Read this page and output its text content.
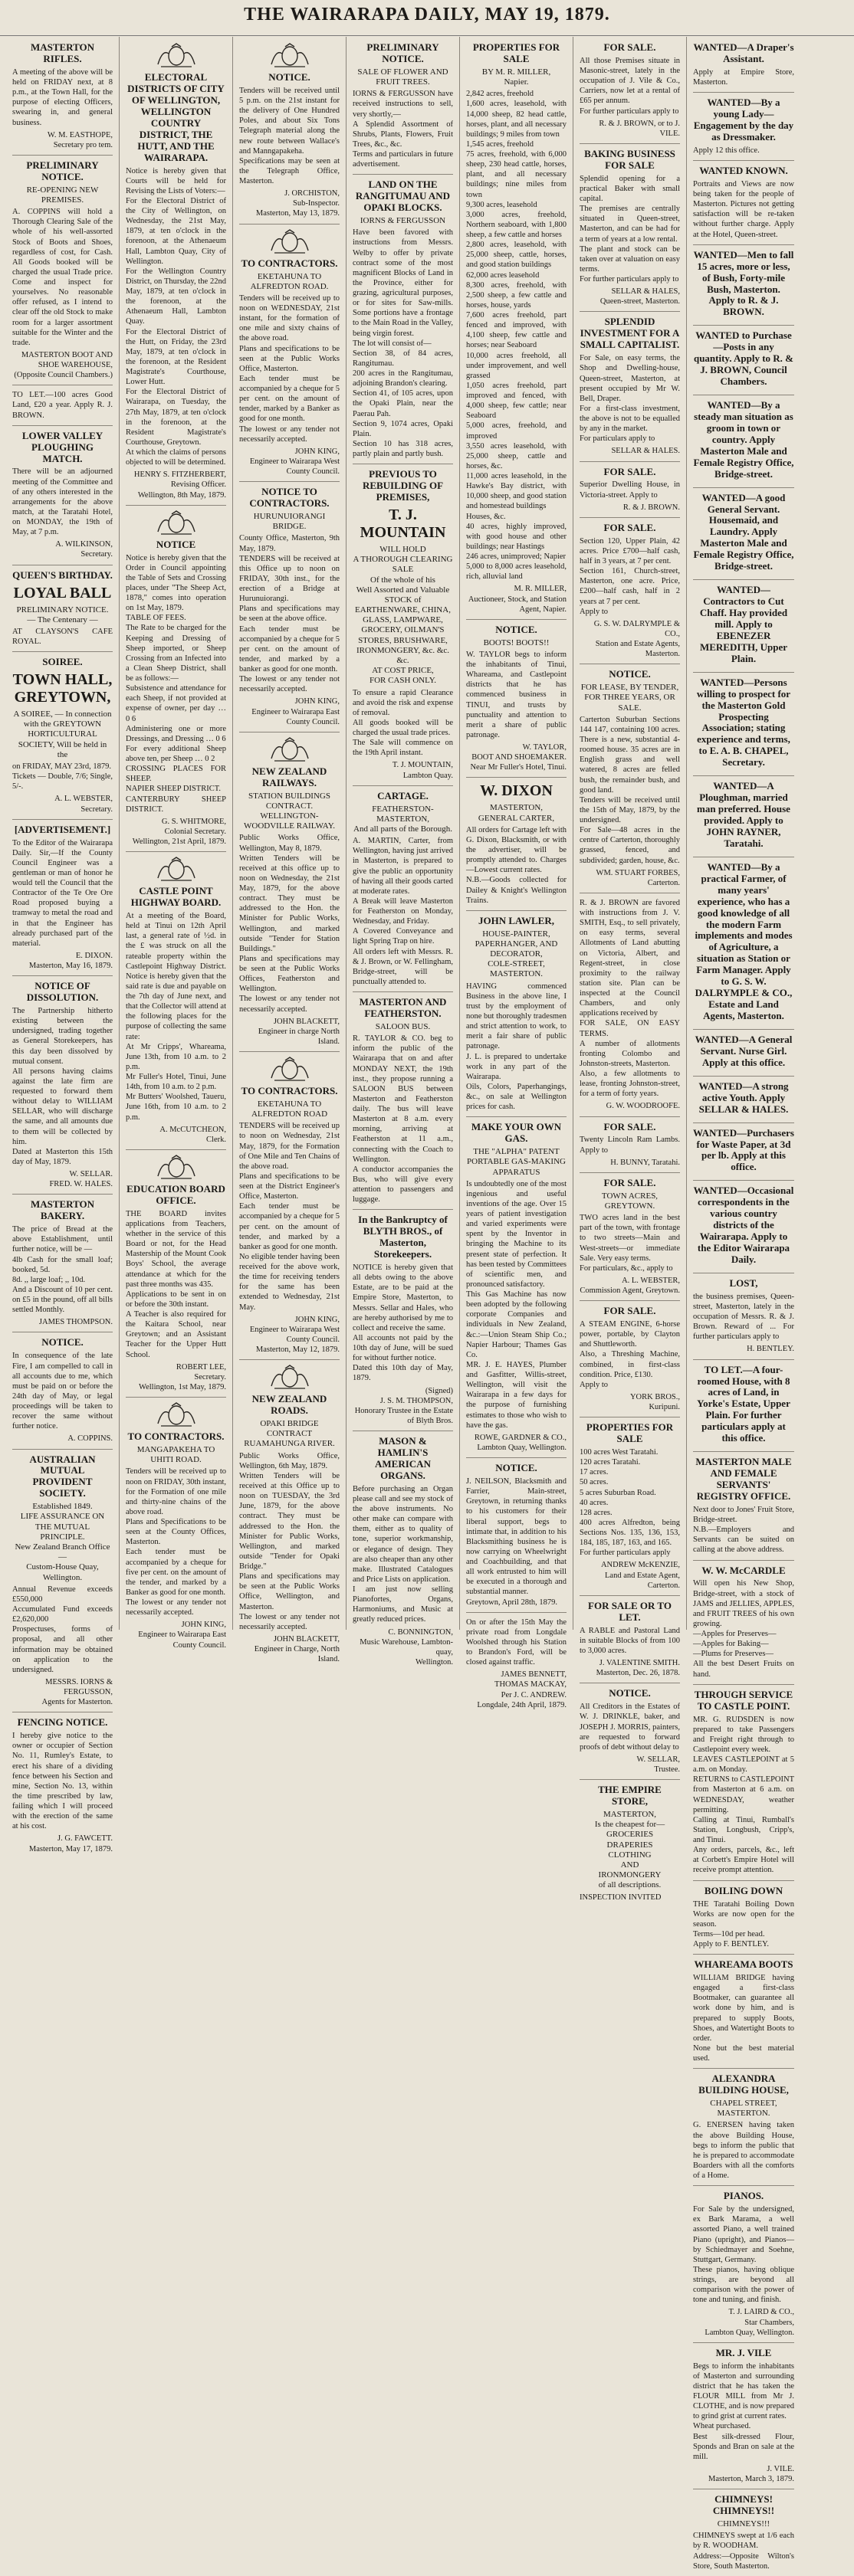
THE WAIRARAPA DAILY, MAY 19, 1879.
MASTERTON RIFLES.
A meeting of the above will be held on FRIDAY next, at 8 p.m., at the Town Hall, for the purpose of electing Officers, swearing in, and general business.
W. M. EASTHOPE,
Secretary pro tem.
PRELIMINARY NOTICE.
RE-OPENING NEW PREMISES.
A. COPPINS will hold a Thorough Clearing Sale of the whole of his well-assorted Stock of Boots and Shoes, regardless of cost, for Cash. All Goods booked will be charged the usual Trade price. Come and inspect for yourselves. No reasonable offer refused, as I intend to clear off the old Stock to make room for a larger assortment suitable for the Winter and the trade.
MASTERTON BOOT AND SHOE WAREHOUSE,
(Opposite Council Chambers.)
TO LET.—100 acres Good Land, £20 a year. Apply R. J. BROWN.
LOWER VALLEY PLOUGHING MATCH.
There will be an adjourned meeting of the Committee and of any others interested in the arrangements for the above match, at the Taratahi Hotel, on MONDAY, the 19th of May, at 7 p.m.
A. WILKINSON,
Secretary.
QUEEN'S BIRTHDAY.
LOYAL BALL
PRELIMINARY NOTICE.
— The Centenary —
AT CLAYSON'S CAFE ROYAL.
SOIREE.
TOWN HALL, GREYTOWN,
A SOIREE, — In connection with the GREYTOWN HORTICULTURAL SOCIETY, Will be held in the
on FRIDAY, MAY 23rd, 1879.
Tickets — Double, 7/6; Single, 5/-.
A. L. WEBSTER,
Secretary.
[ADVERTISEMENT.]
To the Editor of the Wairarapa Daily. Sir,—If the County Council Engineer was a gentleman or man of honor he would tell the Council that the Contractor of the Te Ore Ore Road proposed buying a tramway to metal the road and in that the Engineer has already purchased part of the material.
E. DIXON.
Masterton, May 16, 1879.
NOTICE OF DISSOLUTION.
The Partnership hitherto existing between the undersigned, trading together as General Storekeepers, has this day been dissolved by mutual consent.
All persons having claims against the late firm are requested to forward them without delay to WILLIAM SELLAR, who will discharge the same, and all amounts due to them will be collected by him.
Dated at Masterton this 15th day of May, 1879.
W. SELLAR.
FRED. W. HALES.
MASTERTON BAKERY.
The price of Bread at the above Establishment, until further notice, will be —
4lb Cash for the small loaf; booked, 5d.
8d. ,, large loaf; ,, 10d.
And a Discount of 10 per cent. on £5 in the pound, off all bills settled Monthly.
JAMES THOMPSON.
NOTICE.
In consequence of the late Fire, I am compelled to call in all accounts due to me, which must be paid on or before the 24th day of May, or legal proceedings will be taken to recover the same without further notice.
A. COPPINS.
AUSTRALIAN MUTUAL PROVIDENT SOCIETY.
Established 1849.
LIFE ASSURANCE ON THE MUTUAL PRINCIPLE.
New Zealand Branch Office—
Custom-House Quay, Wellington.
Annual Revenue exceeds £550,000
Accumulated Fund exceeds £2,620,000
Prospectuses, forms of proposal, and all other information may be obtained on application to the undersigned.
MESSRS. IORNS & FERGUSSON,
Agents for Masterton.
FENCING NOTICE.
I hereby give notice to the owner or occupier of Section No. 11, Rumley's Estate, to erect his share of a dividing fence between his Section and mine, Section No. 13, within the time prescribed by law, failing which I will proceed with the erection of the same at his cost.
J. G. FAWCETT.
Masterton, May 17, 1879.
ELECTORAL DISTRICTS OF CITY OF WELLINGTON, WELLINGTON COUNTRY DISTRICT, THE HUTT, AND THE WAIRARAPA.
Notice is hereby given that Courts will be held for Revising the Lists of Voters:—
For the Electoral District of the City of Wellington, on Wednesday, the 21st May, 1879, at ten o'clock in the forenoon, at the Athenaeum Hall, Lambton Quay, City of Wellington.
For the Wellington Country District, on Thursday, the 22nd May, 1879, at ten o'clock in the forenoon, at the Athenaeum Hall, Lambton Quay.
For the Electoral District of the Hutt, on Friday, the 23rd May, 1879, at ten o'clock in the forenoon, at the Resident Magistrate's Courthouse, Lower Hutt.
For the Electoral District of Wairarapa, on Tuesday, the 27th May, 1879, at ten o'clock in the forenoon, at the Resident Magistrate's Courthouse, Greytown.
At which the claims of persons objected to will be determined.
HENRY S. FITZHERBERT,
Revising Officer.
Wellington, 8th May, 1879.
NOTICE
Notice is hereby given that the Order in Council appointing the Table of Sets and Crossing places, under "The Sheep Act, 1878," comes into operation on 1st May, 1879.
TABLE OF FEES.
The Rate to be charged for the Keeping and Dressing of Sheep imported, or Sheep Crossing from an Infected into a Clean Sheep District, shall be as follows:—
Subsistence and attendance for each Sheep, if not provided at expense of owner, per day … 0 6
Administering one or more Dressings, and Dressing … 0 6
For every additional Sheep above ten, per Sheep … 0 2
CROSSING PLACES FOR SHEEP.
NAPIER SHEEP DISTRICT.
CANTERBURY SHEEP DISTRICT.
G. S. WHITMORE,
Colonial Secretary.
Wellington, 21st April, 1879.
CASTLE POINT HIGHWAY BOARD.
At a meeting of the Board, held at Tinui on 12th April last, a general rate of ½d. in the £ was struck on all the rateable property within the Castlepoint Highway District. Notice is hereby given that the said rate is due and payable on the 7th day of June next, and that the Collector will attend at the following places for the purpose of collecting the same rate:
At Mr Cripps', Whareama, June 13th, from 10 a.m. to 2 p.m.
Mr Fuller's Hotel, Tinui, June 14th, from 10 a.m. to 2 p.m.
Mr Butters' Woolshed, Taueru, June 16th, from 10 a.m. to 2 p.m.
A. McCUTCHEON,
Clerk.
EDUCATION BOARD OFFICE.
THE BOARD invites applications from Teachers, whether in the service of this Board or not, for the Head Mastership of the Mount Cook Boys' School, the average attendance at which for the past three months was 435.
Applications to be sent in on or before the 30th instant.
A Teacher is also required for the Kaitara School, near Greytown; and an Assistant Teacher for the Upper Hutt School.
ROBERT LEE,
Secretary.
Wellington, 1st May, 1879.
TO CONTRACTORS.
MANGAPAKEHA TO UHITI ROAD.
Tenders will be received up to noon on FRIDAY, 30th instant, for the Formation of one mile and thirty-nine chains of the above road.
Plans and Specifications to be seen at the County Offices, Masterton.
Each tender must be accompanied by a cheque for five per cent. on the amount of the tender, and marked by a Banker as good for one month.
The lowest or any tender not necessarily accepted.
JOHN KING,
Engineer to Wairarapa East County Council.
NOTICE.
Tenders will be received until 5 p.m. on the 21st instant for the delivery of One Hundred Poles, and about Six Tons Telegraph material along the new route between Wallace's and Manngapakeha.
Specifications may be seen at the Telegraph Office, Masterton.
J. ORCHISTON,
Sub-Inspector.
Masterton, May 13, 1879.
TO CONTRACTORS.
EKETAHUNA TO ALFREDTON ROAD.
Tenders will be received up to noon on WEDNESDAY, 21st instant, for the formation of one mile and sixty chains of the above road.
Plans and specifications to be seen at the Public Works Office, Masterton.
Each tender must be accompanied by a cheque for 5 per cent. on the amount of tender, marked by a Banker as good for one month.
The lowest or any tender not necessarily accepted.
JOHN KING,
Engineer to Wairarapa West County Council.
NOTICE TO CONTRACTORS.
HURUNUIORANGI BRIDGE.
County Office, Masterton, 9th May, 1879.
TENDERS will be received at this Office up to noon on FRIDAY, 30th inst., for the erection of a Bridge at Hurunuiorangi.
Plans and specifications may be seen at the above office.
Each tender must be accompanied by a cheque for 5 per cent. on the amount of tender, and marked by a banker as good for one month.
The lowest or any tender not necessarily accepted.
JOHN KING,
Engineer to Wairarapa East County Council.
NEW ZEALAND RAILWAYS.
STATION BUILDINGS CONTRACT.
WELLINGTON-WOODVILLE RAILWAY.
Public Works Office, Wellington, May 8, 1879.
Written Tenders will be received at this office up to noon on Wednesday, the 21st May, 1879, for the above contract. They must be addressed to the Hon. the Minister for Public Works, Wellington, and marked outside "Tender for Station Buildings."
Plans and specifications may be seen at the Public Works Offices, Featherston and Wellington.
The lowest or any tender not necessarily accepted.
JOHN BLACKETT,
Engineer in charge North Island.
TO CONTRACTORS.
EKETAHUNA TO ALFREDTON ROAD
TENDERS will be received up to noon on Wednesday, 21st May, 1879, for the Formation of One Mile and Ten Chains of the above road.
Plans and specifications to be seen at the District Engineer's Office, Masterton.
Each tender must be accompanied by a cheque for 5 per cent. on the amount of tender, and marked by a banker as good for one month.
No eligible tender having been received for the above work, the time for receiving tenders for the same has been extended to Wednesday, 21st May.
JOHN KING,
Engineer to Wairarapa West County Council.
Masterton, May 12, 1879.
NEW ZEALAND ROADS.
OPAKI BRIDGE CONTRACT
RUAMAHUNGA RIVER.
Public Works Office, Wellington, 6th May, 1879.
Written Tenders will be received at this Office up to noon on TUESDAY, the 3rd June, 1879, for the above contract. They must be addressed to the Hon. the Minister for Public Works, Wellington, and marked outside "Tender for Opaki Bridge."
Plans and specifications may be seen at the Public Works Office, Wellington, and Masterton.
The lowest or any tender not necessarily accepted.
JOHN BLACKETT,
Engineer in Charge, North Island.
PRELIMINARY NOTICE.
SALE OF FLOWER AND FRUIT TREES.
IORNS & FERGUSSON have received instructions to sell, very shortly,—
A Splendid Assortment of Shrubs, Plants, Flowers, Fruit Trees, &c., &c.
Terms and particulars in future advertisement.
LAND ON THE RANGITUMAU AND OPAKI BLOCKS.
IORNS & FERGUSSON
Have been favored with instructions from Messrs. Welby to offer by private contract some of the most magnificent Blocks of Land in the Province, either for grazing, agricultural purposes, or for sites for Saw-mills. Some portions have a frontage to the Main Road in the Valley, being virgin forest.
The lot will consist of—
Section 38, of 84 acres, Rangitumau.
200 acres in the Rangitumau, adjoining Brandon's clearing.
Section 41, of 105 acres, upon the Opaki Plain, near the Paerau Pah.
Section 9, 1074 acres, Opaki Plain.
Section 10 has 318 acres, partly plain and partly bush.
PREVIOUS TO REBUILDING OF PREMISES,
T. J. MOUNTAIN
WILL HOLD
A THOROUGH CLEARING SALE
Of the whole of his
Well Assorted and Valuable STOCK of
EARTHENWARE, CHINA, GLASS, LAMPWARE, GROCERY, OILMAN'S STORES, BRUSHWARE, IRONMONGERY, &c. &c. &c.
AT COST PRICE,
FOR CASH ONLY.
To ensure a rapid Clearance and avoid the risk and expense of removal.
All goods booked will be charged the usual trade prices.
The Sale will commence on the 19th April instant.
T. J. MOUNTAIN,
Lambton Quay.
CARTAGE.
FEATHERSTON-MASTERTON,
And all parts of the Borough.
A. MARTIN, Carter, from Wellington, having just arrived in Masterton, is prepared to give the public an opportunity of having all their goods carted at moderate rates.
A Break will leave Masterton for Featherston on Monday, Wednesday, and Friday.
A Covered Conveyance and light Spring Trap on hire.
All orders left with Messrs. R. & J. Brown, or W. Fellingham, Bridge-street, will be punctually attended to.
MASTERTON AND FEATHERSTON.
SALOON BUS.
R. TAYLOR & CO. beg to inform the public of the Wairarapa that on and after MONDAY NEXT, the 19th inst., they propose running a SALOON BUS between Masterton and Featherston daily. The bus will leave Masterton at 8 a.m. every morning, arriving at Featherston at 11 a.m., connecting with the Coach to Wellington.
A conductor accompanies the Bus, who will give every attention to passengers and luggage.
In the Bankruptcy of BLYTH BROS., of Masterton, Storekeepers.
NOTICE is hereby given that all debts owing to the above Estate, are to be paid at the Empire Store, Masterton, to Messrs. Sellar and Hales, who are hereby authorised by me to collect and receive the same.
All accounts not paid by the 10th day of June, will be sued for without further notice.
Dated this 10th day of May, 1879.
(Signed)
J. S. M. THOMPSON,
Honorary Trustee in the Estate of Blyth Bros.
MASON & HAMLIN'S AMERICAN ORGANS.
Before purchasing an Organ please call and see my stock of the above instruments. No other make can compare with them, either as to quality of tone, superior workmanship, or elegance of design. They are also cheaper than any other make. Illustrated Catalogues and Price Lists on application.
I am just now selling Pianofortes, Organs, Harmoniums, and Music at greatly reduced prices.
C. BONNINGTON,
Music Warehouse, Lambton-quay,
Wellington.
PROPERTIES FOR SALE
BY M. R. MILLER,
Napier.
2,842 acres, freehold
1,600 acres, leasehold, with 14,000 sheep, 82 head cattle, horses, plant, and all necessary buildings; 9 miles from town
1,545 acres, freehold
75 acres, freehold, with 6,000 sheep, 230 head cattle, horses, plant, and all necessary buildings; nine miles from town
9,300 acres, leasehold
3,000 acres, freehold, Northern seaboard, with 1,800 sheep, a few cattle and horses
2,800 acres, leasehold, with 25,000 sheep, cattle, horses, and good station buildings
62,000 acres leasehold
8,300 acres, freehold, with 2,500 sheep, a few cattle and horses, house, yards
7,600 acres freehold, part fenced and improved, with 4,100 sheep, few cattle and horses; near Seaboard
10,000 acres freehold, all under improvement, and well grassed
1,050 acres freehold, part improved and fenced, with 4,000 sheep, few cattle; near Seaboard
5,000 acres, freehold, and improved
3,550 acres leasehold, with 25,000 sheep, cattle and horses, &c.
11,000 acres leasehold, in the Hawke's Bay district, with 10,000 sheep, and good station and homestead buildings
Houses, &c.
40 acres, highly improved, with good house and other buildings; near Hastings
246 acres, unimproved; Napier
5,000 to 8,000 acres leasehold, rich, alluvial land

M. R. MILLER,
Auctioneer, Stock, and Station Agent, Napier.
NOTICE.
BOOTS! BOOTS!!
W. TAYLOR begs to inform the inhabitants of Tinui, Whareama, and Castlepoint districts that he has commenced business in TINUI, and trusts by punctuality and attention to merit a share of public patronage.
W. TAYLOR,
BOOT AND SHOEMAKER.
Near Mr Fuller's Hotel, Tinui.
W. DIXON
MASTERTON,
GENERAL CARTER,
All orders for Cartage left with G. Dixon, Blacksmith, or with the advertiser, will be promptly attended to. Charges—Lowest current rates.
N.B.—Goods collected for Dailey & Knight's Wellington Trains.
JOHN LAWLER,
HOUSE-PAINTER, PAPERHANGER, AND DECORATOR,
COLE-STREET, MASTERTON.
HAVING commenced Business in the above line, I trust by the employment of none but thoroughly tradesmen and strict attention to work, to merit a fair share of public patronage.
J. L. is prepared to undertake work in any part of the Wairarapa.
Oils, Colors, Paperhangings, &c., on sale at Wellington prices for cash.
MAKE YOUR OWN GAS.
THE "ALPHA" PATENT PORTABLE GAS-MAKING APPARATUS
Is undoubtedly one of the most ingenious and useful inventions of the age. Over 15 years of patient investigation and varied experiments were spent by the Inventor in bringing the Machine to its present state of perfection. It has been tested by Committees of scientific men, and pronounced satisfactory.
This Gas Machine has now been adopted by the following corporate Companies and individuals in New Zealand, &c.:—Union Steam Ship Co.; Napier Harbour; Thames Gas Co.
MR. J. E. HAYES, Plumber and Gasfitter, Willis-street, Wellington, will visit the Wairarapa in a few days for the purpose of furnishing estimates to those who wish to have the gas.
ROWE, GARDNER & CO.,
Lambton Quay, Wellington.
NOTICE.
J. NEILSON, Blacksmith and Farrier, Main-street, Greytown, in returning thanks to his customers for their liberal support, begs to intimate that, in addition to his Blacksmithing business he is now carrying on Wheelwright and Coachbuilding, and that all work entrusted to him will be executed in a thorough and substantial manner.
Greytown, April 28th, 1879.
On or after the 15th May the private road from Longdale Woolshed through his Station to Brandon's Ford, will be closed against traffic.
JAMES BENNETT,
THOMAS MACKAY,
Per J. C. ANDREW.
Longdale, 24th April, 1879.
FOR SALE.
All those Premises situate in Masonic-street, lately in the occupation of J. Vile & Co., Carriers, now let at a rental of £65 per annum.
For further particulars apply to
R. & J. BROWN, or to J. VILE.
BAKING BUSINESS FOR SALE
Splendid opening for a practical Baker with small capital.
The premises are centrally situated in Queen-street, Masterton, and can be had for a term of years at a low rental.
The plant and stock can be taken over at valuation on easy terms.
For further particulars apply to
SELLAR & HALES,
Queen-street, Masterton.
SPLENDID INVESTMENT FOR A SMALL CAPITALIST.
For Sale, on easy terms, the Shop and Dwelling-house, Queen-street, Masterton, at present occupied by Mr W. Bell, Draper.
For a first-class investment, the above is not to be equalled by any in the market.
For particulars apply to
SELLAR & HALES.
FOR SALE.
Superior Dwelling House, in Victoria-street. Apply to
R. & J. BROWN.
FOR SALE.
Section 120, Upper Plain, 42 acres. Price £700—half cash, half in 3 years, at 7 per cent.
Section 161, Church-street, Masterton, one acre. Price, £200—half cash, half in 2 years at 7 per cent.
Apply to
G. S. W. DALRYMPLE & CO.,
Station and Estate Agents,
Masterton.
NOTICE.
FOR LEASE, BY TENDER, FOR THREE YEARS, OR SALE.
Carterton Suburban Sections 144 147, containing 100 acres. There is a new, substantial 4-roomed house. 35 acres are in English grass and well watered, 8 acres are felled bush, the remainder bush, and good land.
Tenders will be received until the 15th of May, 1879, by the undersigned.
For Sale—48 acres in the centre of Carterton, thoroughly grassed, fenced, and subdivided; garden, house, &c.
WM. STUART FORBES,
Carterton.
R. & J. BROWN are favored with instructions from J. V. SMITH, Esq., to sell privately, on easy terms, several Allotments of Land abutting on Victoria, Albert, and Regent-street, in close proximity to the railway station site. Plan can be inspected at the Council Chambers, and only applications received by
FOR SALE, ON EASY TERMS.
A number of allotments fronting Colombo and Johnston-streets, Masterton.
Also, a few allotments to lease, fronting Johnston-street, for a term of forty years.
G. W. WOODROOFE.
FOR SALE.
Twenty Lincoln Ram Lambs. Apply to
H. BUNNY, Taratahi.
FOR SALE.
TOWN ACRES, GREYTOWN.
TWO acres land in the best part of the town, with frontage to two streets—Main and West-streets—or immediate Sale. Very easy terms.
For particulars, &c., apply to
A. L. WEBSTER,
Commission Agent, Greytown.
FOR SALE.
A STEAM ENGINE, 6-horse power, portable, by Clayton and Shuttleworth.
Also, a Threshing Machine, combined, in first-class condition. Price, £130.
Apply to
YORK BROS.,
Kuripuni.
PROPERTIES FOR SALE
100 acres West Taratahi.
120 acres Taratahi.
17 acres.
50 acres.
5 acres Suburban Road.
40 acres.
128 acres.
400 acres Alfredton, being Sections Nos. 135, 136, 153, 184, 185, 187, 163, and 165.
For further particulars apply
ANDREW McKENZIE,
Land and Estate Agent,
Carterton.
FOR SALE OR TO LET.
A RABLE and Pastoral Land in suitable Blocks of from 100 to 3,000 acres.
J. VALENTINE SMITH.
Masterton, Dec. 26, 1878.
NOTICE.
All Creditors in the Estates of W. J. DRINKLE, baker, and JOSEPH J. MORRIS, painters, are requested to forward proofs of debt without delay to
W. SELLAR,
Trustee.
THE EMPIRE STORE,
MASTERTON,
Is the cheapest for—
GROCERIES
DRAPERIES
CLOTHING
AND
IRONMONGERY
of all descriptions.
INSPECTION INVITED
WANTED—A Draper's Assistant.
Apply at Empire Store, Masterton.
WANTED—By a young Lady—Engagement by the day as Dressmaker.
Apply 12 this office.
WANTED KNOWN.
Portraits and Views are now being taken for the people of Masterton. Pictures not getting satisfaction will be re-taken without further charge. Apply at the Hotel, Queen-street.
WANTED—Men to fall 15 acres, more or less, of Bush, Forty-mile Bush, Masterton. Apply to R. & J. BROWN.
WANTED to Purchase—Posts in any quantity. Apply to R. & J. BROWN, Council Chambers.
WANTED—By a steady man situation as groom in town or country. Apply Masterton Male and Female Registry Office, Bridge-street.
WANTED—A good General Servant. Housemaid, and Laundry. Apply Masterton Male and Female Registry Office, Bridge-street.
WANTED—Contractors to Cut Chaff. Hay provided mill. Apply to EBENEZER MEREDITH, Upper Plain.
WANTED—Persons willing to prospect for the Masterton Gold Prospecting Association; stating experience and terms, to E. A. B. CHAPEL, Secretary.
WANTED—A Ploughman, married man preferred. House provided. Apply to JOHN RAYNER, Taratahi.
WANTED—By a practical Farmer, of many years' experience, who has a good knowledge of all the modern Farm implements and modes of Agriculture, a situation as Station or Farm Manager. Apply to G. S. W. DALRYMPLE & CO., Estate and Land Agents, Masterton.
WANTED—A General Servant. Nurse Girl. Apply at this office.
WANTED—A strong active Youth. Apply SELLAR & HALES.
WANTED—Purchasers for Waste Paper, at 3d per lb. Apply at this office.
WANTED—Occasional correspondents in the various country districts of the Wairarapa. Apply to the Editor Wairarapa Daily.
LOST,
the business premises, Queen-street, Masterton, lately in the occupation of Messrs. R. & J. Brown. Reward of ... For further particulars apply to
H. BENTLEY.
TO LET.—A four-roomed House, with 8 acres of Land, in Yorke's Estate, Upper Plain. For further particulars apply at this office.
MASTERTON MALE AND FEMALE SERVANTS' REGISTRY OFFICE.
Next door to Jones' Fruit Store, Bridge-street.
N.B.—Employers and Servants can be suited on calling at the above address.
W. W. McCARDLE
Will open his New Shop, Bridge-street, with a stock of JAMS and JELLIES, APPLES, and FRUIT TREES of his own growing.
—Apples for Preserves—
—Apples for Baking—
—Plums for Preserves—
All the best Desert Fruits on hand.
THROUGH SERVICE TO CASTLE POINT.
MR. G. RUDSDEN is now prepared to take Passengers and Freight right through to Castlepoint every week.
LEAVES CASTLEPOINT at 5 a.m. on Monday.
RETURNS to CASTLEPOINT from Masterton at 6 a.m. on WEDNESDAY, weather permitting.
Calling at Tinui, Rumball's Station, Longbush, Cripp's, and Tinui.
Any orders, parcels, &c., left at Corbett's Empire Hotel will receive prompt attention.
BOILING DOWN
THE Taratahi Boiling Down Works are now open for the season.
Terms—10d per head.
Apply to F. BENTLEY.
WHAREAMA BOOTS
WILLIAM BRIDGE having engaged a first-class Bootmaker, can guarantee all work done by him, and is prepared to supply Boots, Shoes, and Watertight Boots to order.
None but the best material used.
ALEXANDRA BUILDING HOUSE,
CHAPEL STREET,
MASTERTON.
G. ENERSEN having taken the above Building House, begs to inform the public that he is prepared to accommodate Boarders with all the comforts of a Home.
PIANOS.
For Sale by the undersigned, ex Bark Marama, a well assorted Piano, a well trained Piano (upright), and Pianos—by Schiedmayer and Soehne, Stuttgart, Germany.
These pianos, having oblique strings, are beyond all comparison with the power of tone and tuning, and finish.
T. J. LAIRD & CO.,
Star Chambers,
Lambton Quay, Wellington.
MR. J. VILE
Begs to inform the inhabitants of Masterton and surrounding district that he has taken the FLOUR MILL from Mr J. CLOTHE, and is now prepared to grind grist at current rates.
Wheat purchased.
Best silk-dressed Flour, Sponds and Bran on sale at the mill.
J. VILE.
Masterton, March 3, 1879.
CHIMNEYS! CHIMNEYS!!
CHIMNEYS!!!
CHIMNEYS swept at 1/6 each by R. WOODHAM.
Address:—Opposite Wilton's Store, South Masterton.
